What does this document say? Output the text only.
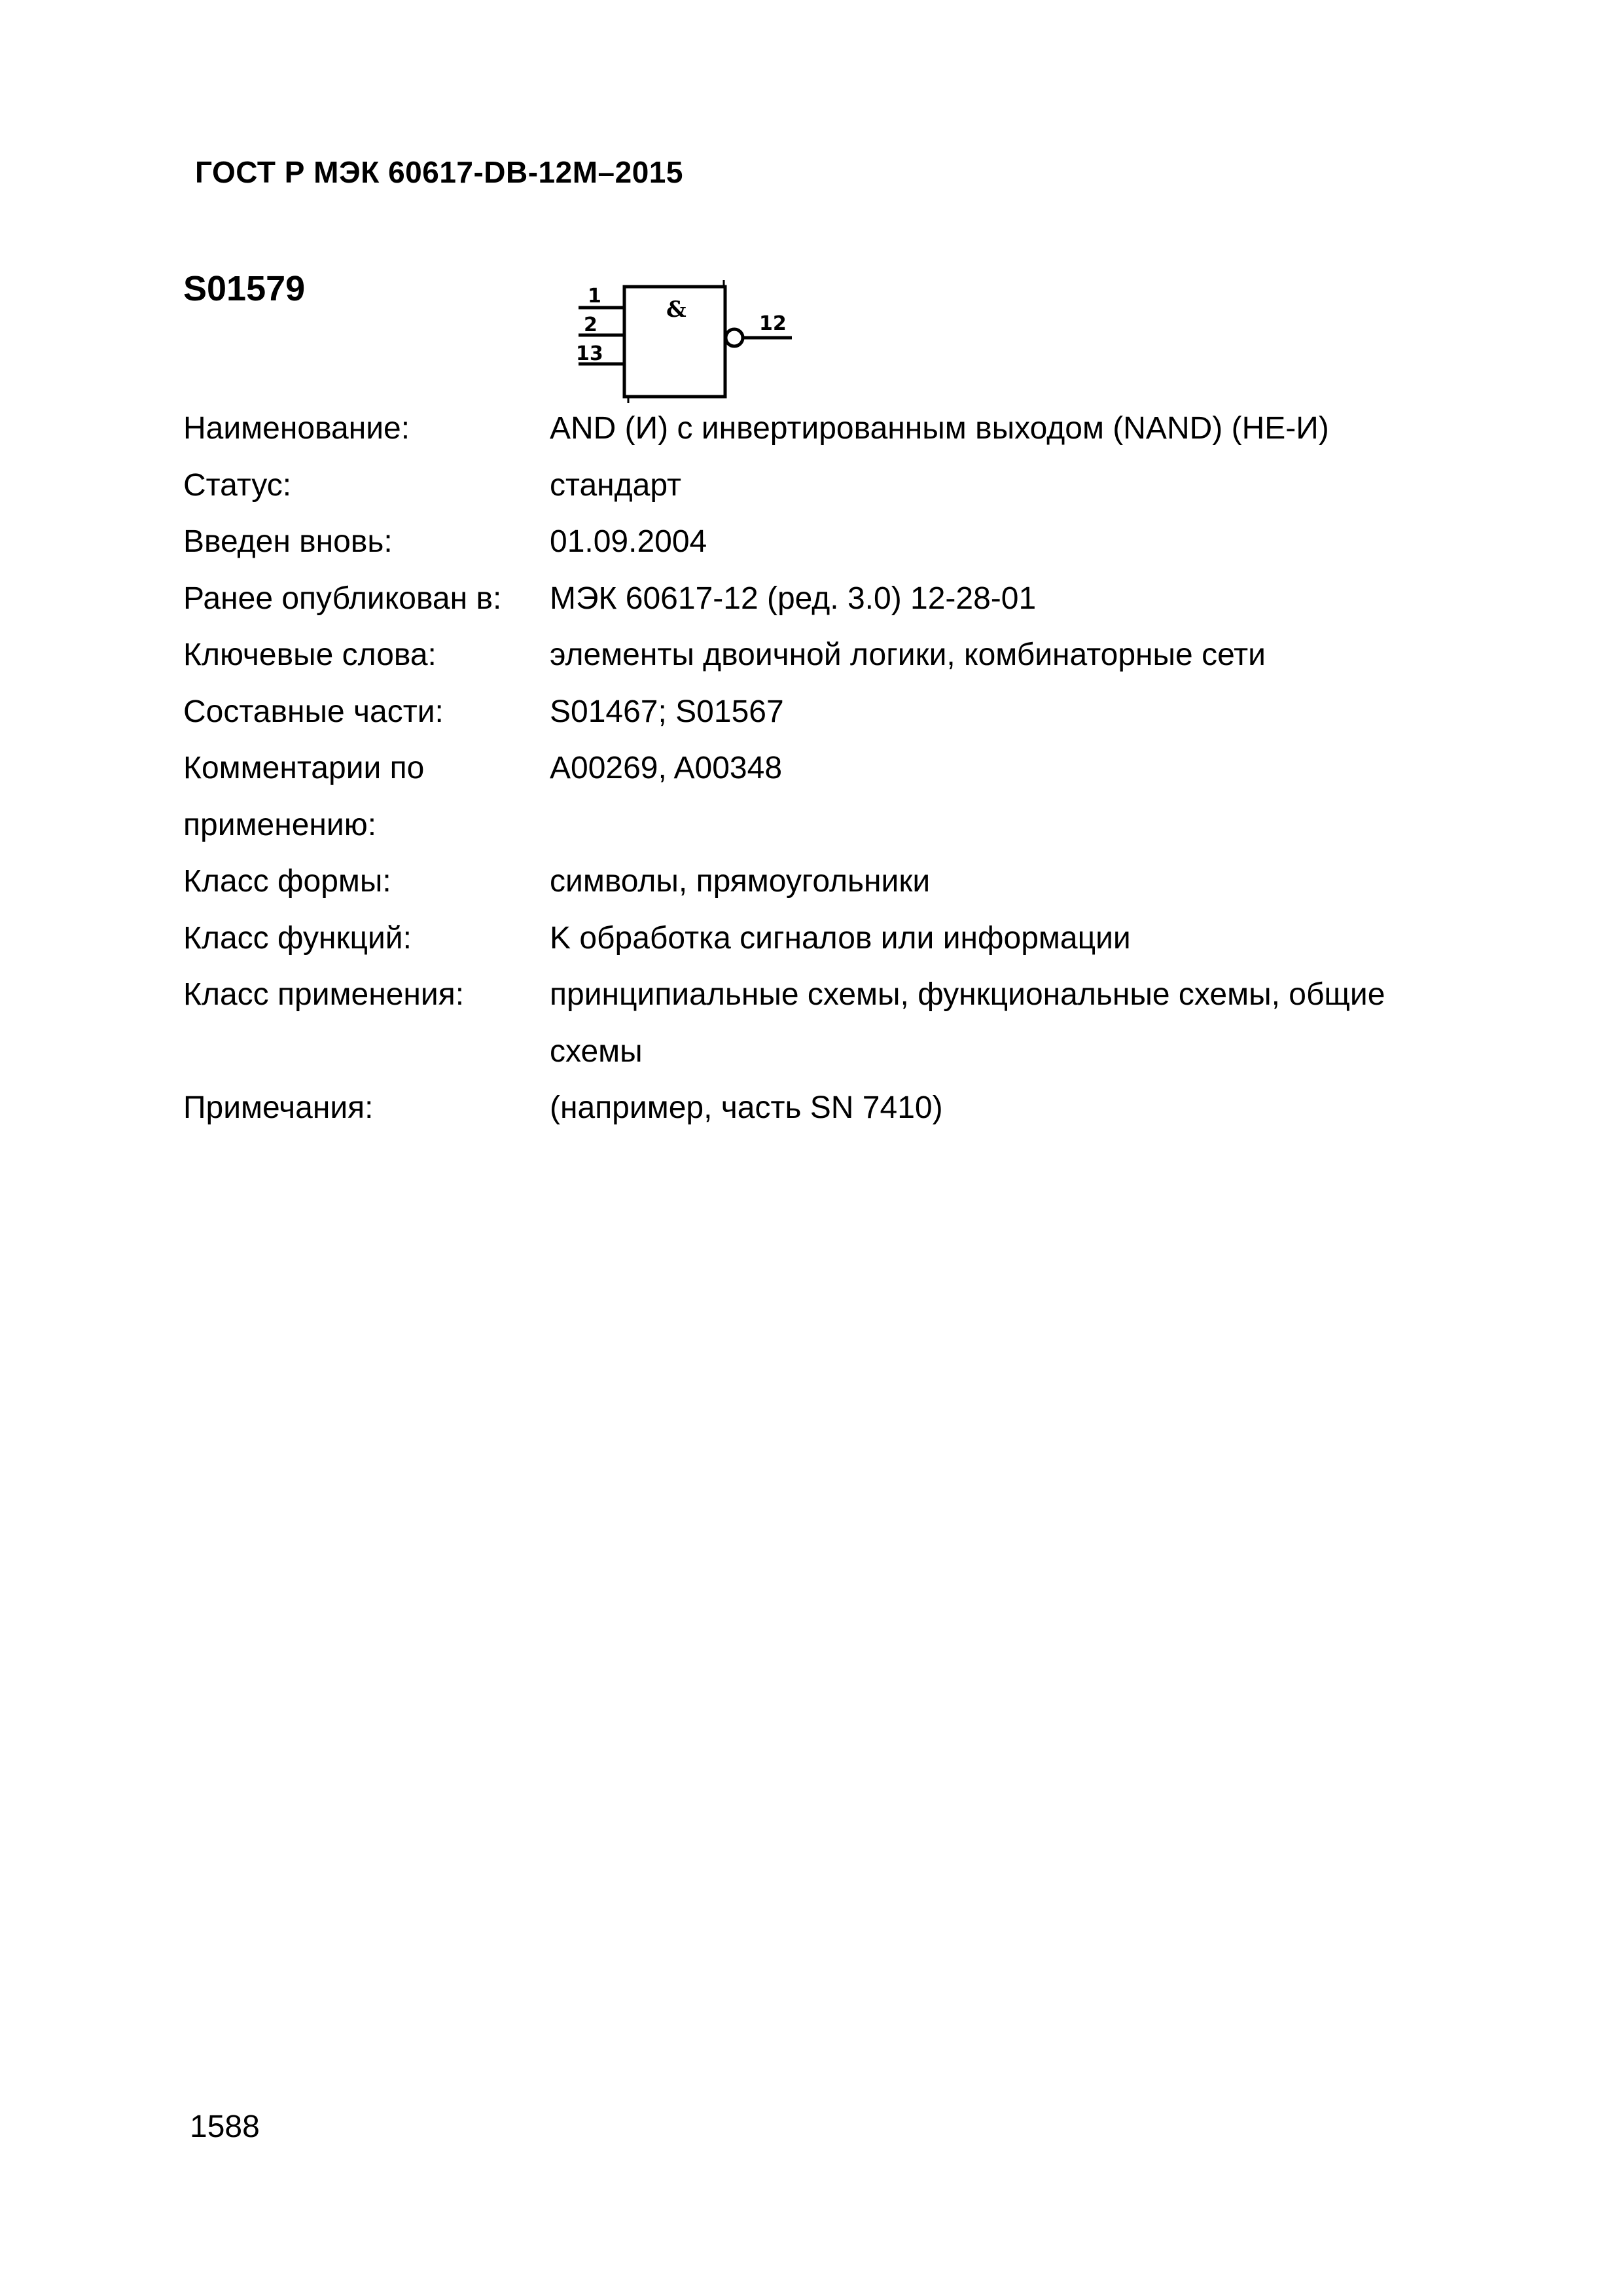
ГОСТ Р МЭК 60617-DB-12M–2015
S01579
&
1
2
13
12
Наименование:	AND (И) с инвертированным выходом (NAND) (НЕ-И)
Статус:	стандарт
Введен вновь:	01.09.2004
Ранее опубликован в:	МЭК 60617-12 (ред. 3.0) 12-28-01
Ключевые слова:	элементы двоичной логики, комбинаторные сети
Составные части:	S01467; S01567
Комментарии по применению:
A00269, A00348
Класс формы:	символы, прямоугольники
Класс функций:	K обработка сигналов или информации
Класс применения:	принципиальные схемы, функциональные схемы, общие схемы
Примечания:	(например, часть SN 7410)
1588
